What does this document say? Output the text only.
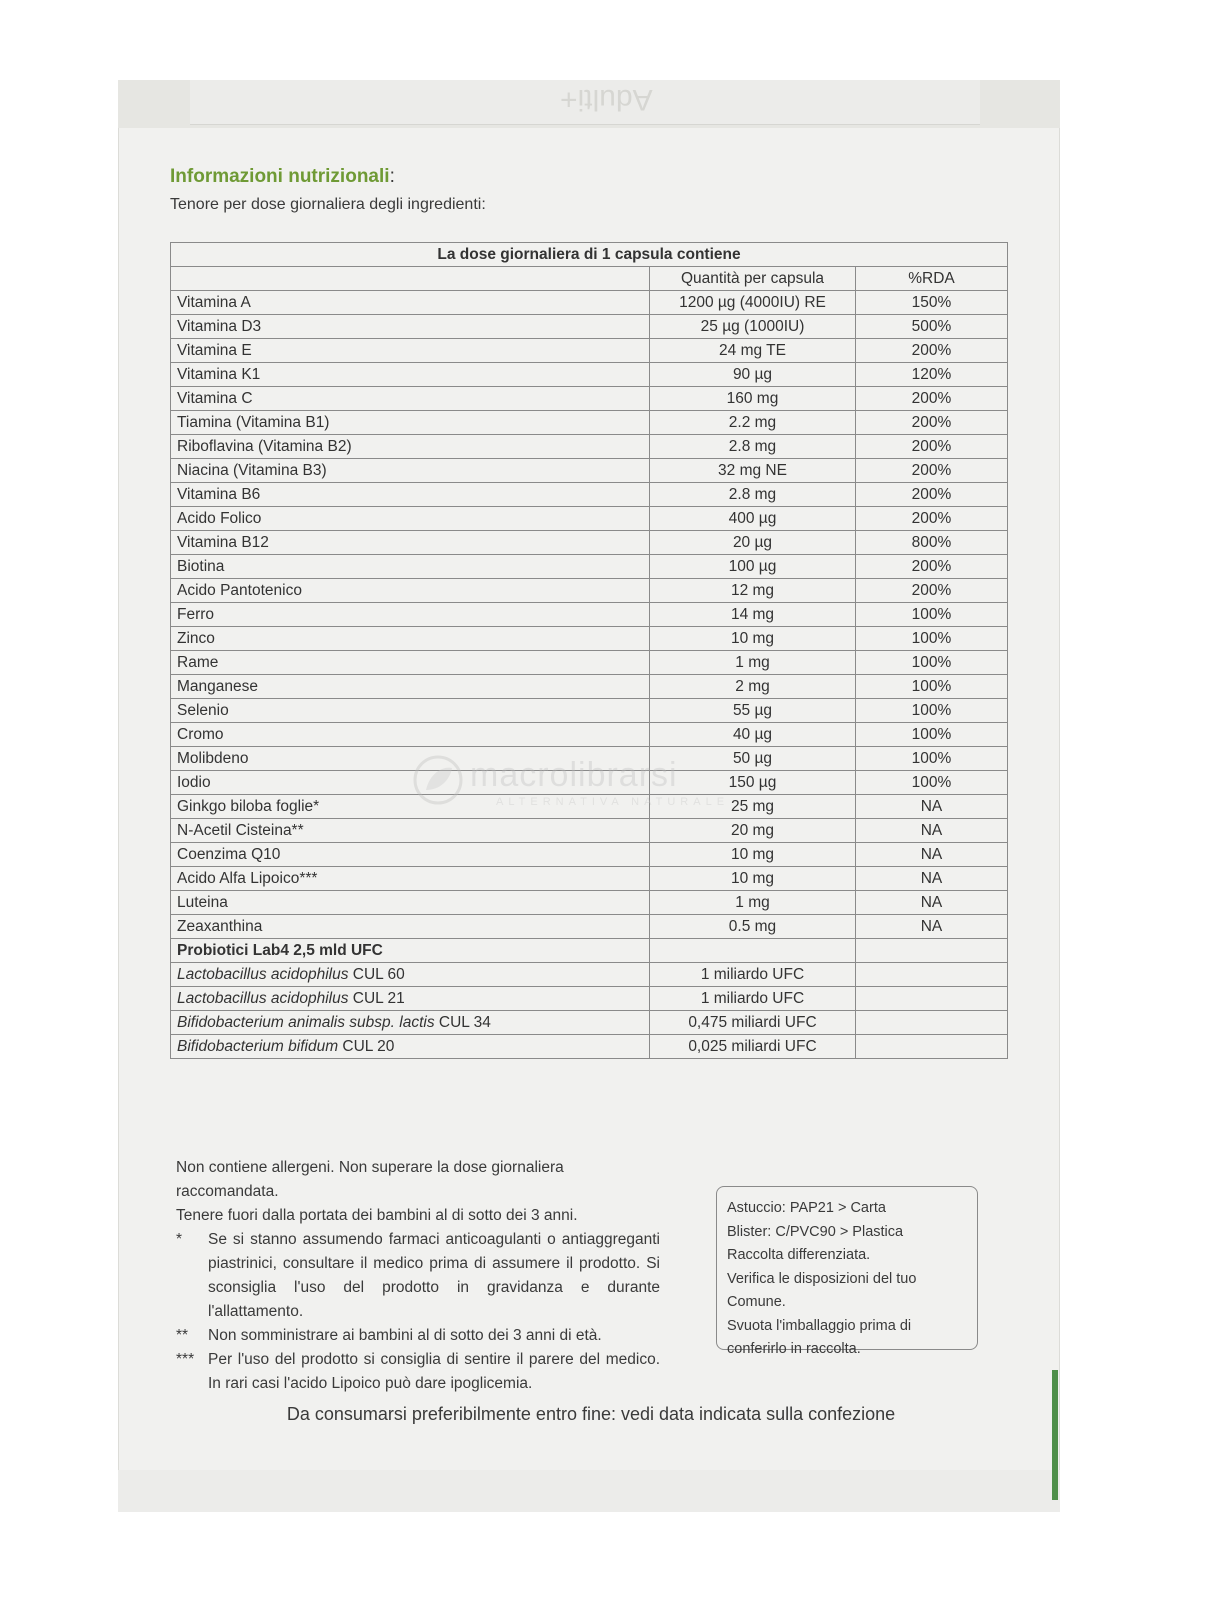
Adulti+
Informazioni nutrizionali:
Tenore per dose giornaliera degli ingredienti:
La dose giornaliera di 1 capsula contiene		
	Quantità per capsula	%RDA
Vitamina A	1200 µg (4000IU) RE	150%
Vitamina D3	25 µg (1000IU)	500%
Vitamina E	24 mg TE	200%
Vitamina K1	90 µg	120%
Vitamina C	160 mg	200%
Tiamina (Vitamina B1)	2.2 mg	200%
Riboflavina (Vitamina B2)	2.8 mg	200%
Niacina (Vitamina B3)	32 mg NE	200%
Vitamina B6	2.8 mg	200%
Acido Folico	400 µg	200%
Vitamina B12	20 µg	800%
Biotina	100 µg	200%
Acido Pantotenico	12 mg	200%
Ferro	14 mg	100%
Zinco	10 mg	100%
Rame	1 mg	100%
Manganese	2 mg	100%
Selenio	55 µg	100%
Cromo	40 µg	100%
Molibdeno	50 µg	100%
Iodio	150 µg	100%
Ginkgo biloba foglie*	25 mg	NA
N-Acetil Cisteina**	20 mg	NA
Coenzima Q10	10 mg	NA
Acido Alfa Lipoico***	10 mg	NA
Luteina	1 mg	NA
Zeaxanthina	0.5 mg	NA
Probiotici Lab4 2,5 mld UFC		
Lactobacillus acidophilus CUL 60	1 miliardo UFC	
Lactobacillus acidophilus CUL 21	1 miliardo UFC	
Bifidobacterium animalis subsp. lactis CUL 34	0,475 miliardi UFC	
Bifidobacterium bifidum CUL 20	0,025 miliardi UFC	
Non contiene allergeni. Non superare la dose giornaliera raccomandata.
Tenere fuori dalla portata dei bambini al di sotto dei 3 anni.
*	Se si stanno assumendo farmaci anticoagulanti o antiaggreganti piastrinici, consultare il medico prima di assumere il prodotto. Si sconsiglia l'uso del prodotto in gravidanza e durante l'allattamento.
**	Non somministrare ai bambini al di sotto dei 3 anni di età.
*** Per l'uso del prodotto si consiglia di sentire il parere del medico. In rari casi l'acido Lipoico può dare ipoglicemia.
Astuccio: PAP21 > Carta
Blister: C/PVC90 > Plastica
Raccolta differenziata.
Verifica le disposizioni del tuo Comune.
Svuota l'imballaggio prima di
conferirlo in raccolta.
Da consumarsi preferibilmente entro fine: vedi data indicata sulla confezione
macrolibrarsi
ALTERNATIVA NATURALE
